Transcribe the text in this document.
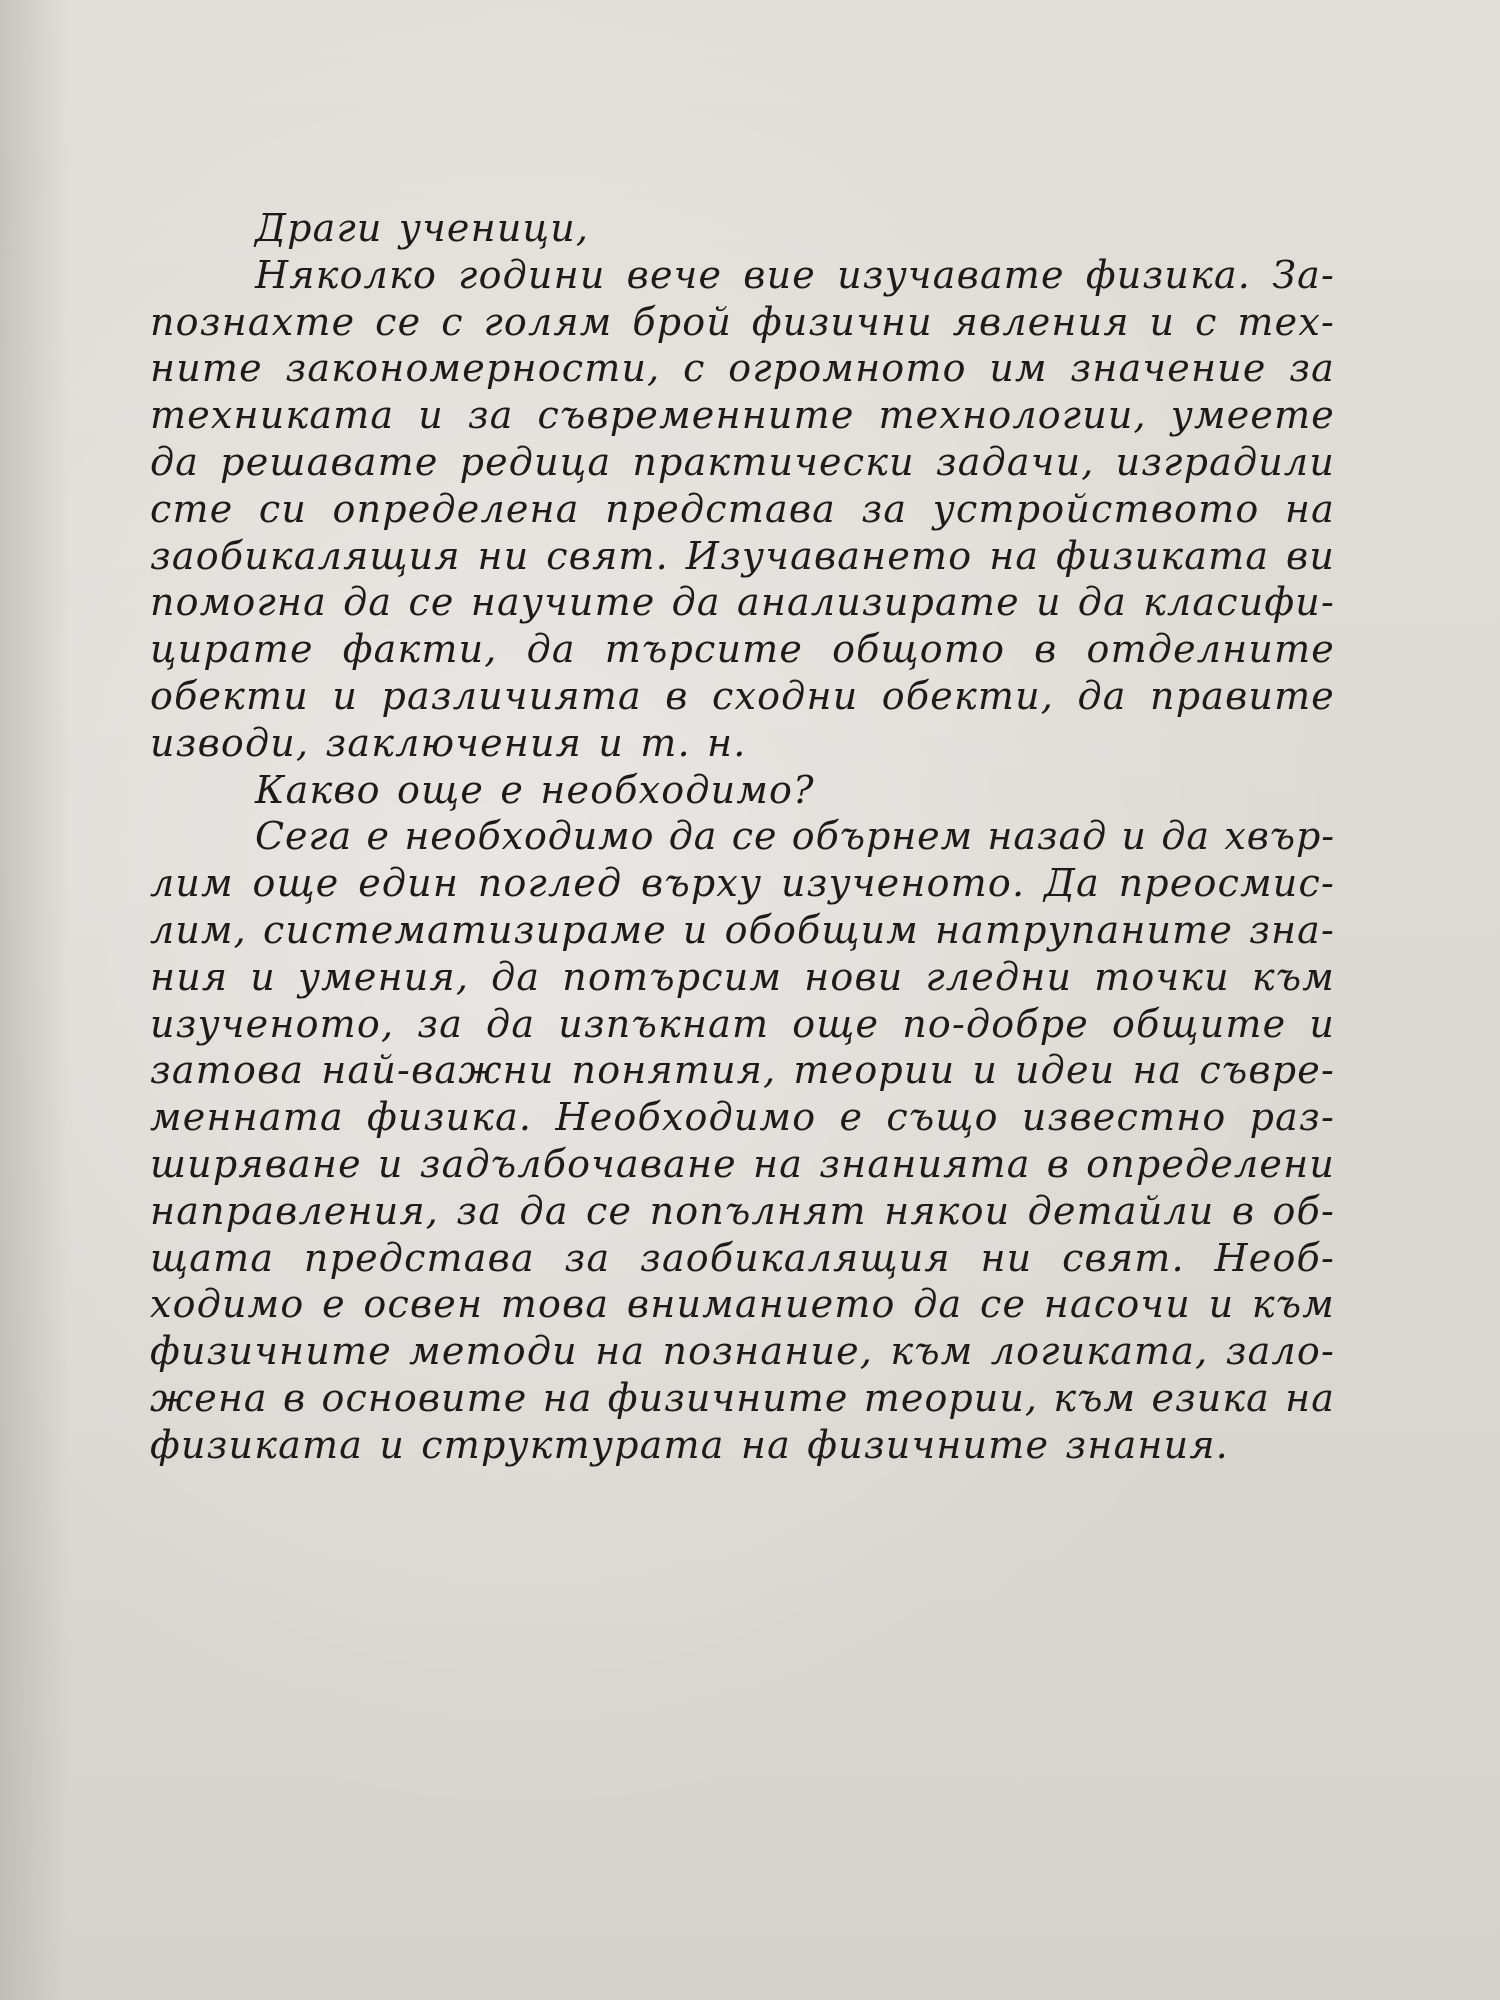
Драги ученици,

Няколко години вече вие изучавате физика. За-
познахте се с голям брой физични явления и с тех-
ните закономерности, с огромното им значение за
техниката и за съвременните технологии, умеете
да решавате редица практически задачи, изградили
сте си определена представа за устройството на
заобикалящия ни свят. Изучаването на физиката ви
помогна да се научите да анализирате и да класифи-
цирате факти, да търсите общото в отделните
обекти и различията в сходни обекти, да правите
изводи, заключения и т. н.

Какво още е необходимо?

Сега е необходимо да се обърнем назад и да хвър-
лим още един поглед върху изученото. Да преосмис-
лим, систематизираме и обобщим натрупаните зна-
ния и умения, да потърсим нови гледни точки към
изученото, за да изпъкнат още по-добре общите и
затова най-важни понятия, теории и идеи на съвре-
менната физика. Необходимо е също известно раз-
ширяване и задълбочаване на знанията в определени
направления, за да се попълнят някои детайли в об-
щата представа за заобикалящия ни свят. Необ-
ходимо е освен това вниманието да се насочи и към
физичните методи на познание, към логиката, зало-
жена в основите на физичните теории, към езика на
физиката и структурата на физичните знания.
